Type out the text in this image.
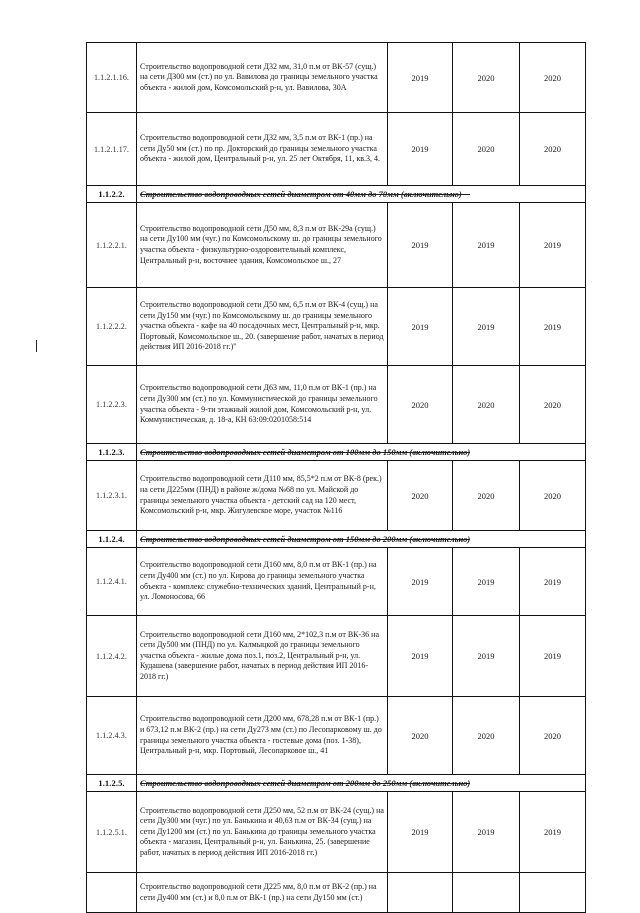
1.1.2.1.16.	Строительство водопроводной сети Д32 мм, 31,0 п.м от ВК-57 (сущ.) на сети Д300 мм (ст.) по ул. Вавилова до границы земельного участка объекта - жилой дом, Комсомольский р-н, ул. Вавилова, 30А	2019	2020	2020
1.1.2.1.17.	Строительство водопроводной сети Д32 мм, 3,5 п.м от ВК-1 (пр.) на сети Ду50 мм (ст.) по пр. Докторский до границы земельного участка объекта - жилой дом, Центральный р-н, ул. 25 лет Октября, 11, кв.3, 4.	2019	2020	2020
1.1.2.2.	Строительство водопроводных сетей диаметром от 40мм до 70мм (включительно)			
1.1.2.2.1.	Строительство водопроводной сети Д50 мм, 8,3 п.м от ВК-29а (сущ.) на сети Ду100 мм (чуг.) по Комсомольскому ш. до границы земельного участка объекта - физкультурно-оздоровительный комплекс, Центральный р-н, восточнее здания, Комсомольское ш., 27	2019	2019	2019
1.1.2.2.2.	Строительство водопроводной сети Д50 мм, 6,5 п.м от ВК-4 (сущ.) на сети Ду150 мм (чуг.) по Комсомольскому ш. до границы земельного участка объекта - кафе на 40 посадочных мест, Центральный р-н, мкр. Портовый, Комсомольское ш., 20. (завершение работ, начатых в период действия ИП 2016-2018 гг.)"	2019	2019	2019
1.1.2.2.3.	Строительство водопроводной сети Д63 мм, 11,0 п.м от ВК-1 (пр.) на сети Ду300 мм (ст.) по ул. Коммунистической до границы земельного участка объекта - 9-ти этажный жилой дом, Комсомольский р-н, ул. Коммунистическая, д. 18-а, КН 63:09:0201058:514	2020	2020	2020
1.1.2.3.	Строительство водопроводных сетей диаметром от 100мм до 150мм (включительно)			
1.1.2.3.1.	Строительство водопроводной сети Д110 мм, 85,5*2 п.м от ВК-8 (рек.) на сети Д225мм (ПНД) в районе ж/дома №68 по ул. Майской до границы земельного участка объекта - детский сад на 120 мест, Комсомольский р-н, мкр. Жигулевское море, участок №116	2020	2020	2020
1.1.2.4.	Строительство водопроводных сетей диаметром от 150мм до 200мм (включительно)			
1.1.2.4.1.	Строительство водопроводной сети Д160 мм, 8,0 п.м от ВК-1 (пр.) на сети Ду400 мм (ст.) по ул. Кирова до границы земельного участка объекта - комплекс служебно-технических зданий, Центральный р-н, ул. Ломоносова, 66	2019	2019	2019
1.1.2.4.2.	Строительство водопроводной сети Д160 мм, 2*102,3 п.м от ВК-36 на сети Ду500 мм (ПНД) по ул. Калмыцкой до границы земельного участка объекта - жилые дома поз.1, поз.2, Центральный р-н, ул. Кудашева (завершение работ, начатых в период действия ИП 2016-2018 гг.)	2019	2019	2019
1.1.2.4.3.	Строительство водопроводной сети Д200 мм, 678,28 п.м от ВК-1 (пр.) и 673,12 п.м ВК-2 (пр.) на сети Ду273 мм (ст.) по Лесопарковому ш. до границы земельного участка объекта - гостевые дома (поз. 1-38), Центральный р-н, мкр. Портовый, Лесопарковое ш., 41	2020	2020	2020
1.1.2.5.	Строительство водопроводных сетей диаметром от 200мм до 250мм (включительно)			
1.1.2.5.1.	Строительство водопроводной сети Д250 мм, 52 п.м от ВК-24 (сущ.) на сети Ду300 мм (чуг.) по ул. Банькина и 40,63 п.м от ВК-34 (сущ.) на сети Ду1200 мм (ст.) по ул. Банькина до границы земельного участка объекта - магазин, Центральный р-н, ул. Банькина, 25. (завершение работ, начатых в период действия ИП 2016-2018 гг.)	2019	2019	2019
	Строительство водопроводной сети Д225 мм, 8,0 п.м от ВК-2 (пр.) на сети Ду400 мм (ст.) и 8,0 п.м от ВК-1 (пр.) на сети Ду150 мм (ст.)			
